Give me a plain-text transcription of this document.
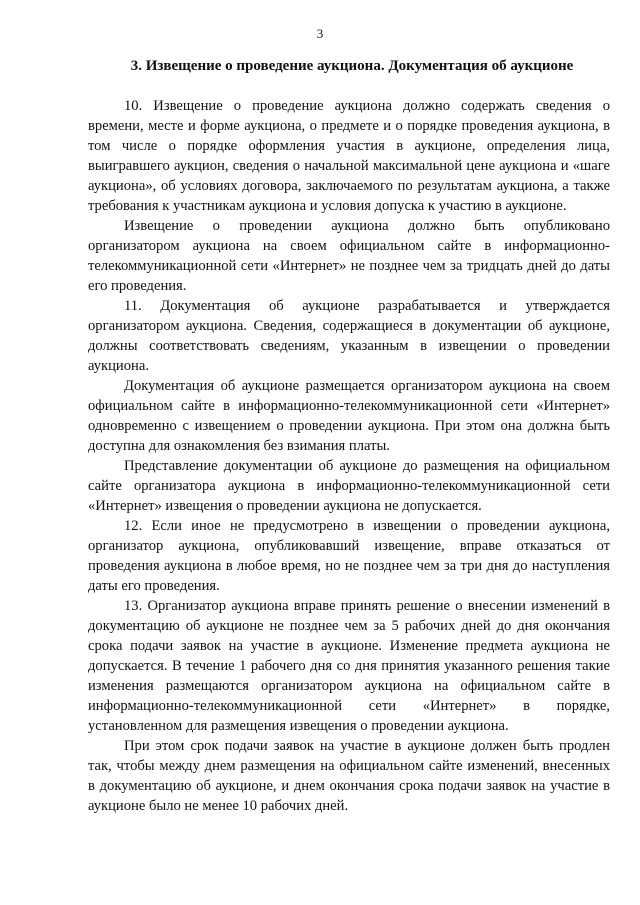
3
3. Извещение о проведение аукциона. Документация об аукционе

10. Извещение о проведение аукциона должно содержать сведения о времени, месте и форме аукциона, о предмете и о порядке проведения аукциона, в том числе о порядке оформления участия в аукционе, определения лица, выигравшего аукцион, сведения о начальной максимальной цене аукциона и «шаге аукциона», об условиях договора, заключаемого по результатам аукциона, а также требования к участникам аукциона и условия допуска к участию в аукционе.

Извещение о проведении аукциона должно быть опубликовано организатором аукциона на своем официальном сайте в информационно-телекоммуникационной сети «Интернет» не позднее чем за тридцать дней до даты его проведения.

11. Документация об аукционе разрабатывается и утверждается организатором аукциона. Сведения, содержащиеся в документации об аукционе, должны соответствовать сведениям, указанным в извещении о проведении аукциона.

Документация об аукционе размещается организатором аукциона на своем официальном сайте в информационно-телекоммуникационной сети «Интернет» одновременно с извещением о проведении аукциона. При этом она должна быть доступна для ознакомления без взимания платы.

Представление документации об аукционе до размещения на официальном сайте организатора аукциона в информационно-телекоммуникационной сети «Интернет» извещения о проведении аукциона не допускается.

12. Если иное не предусмотрено в извещении о проведении аукциона, организатор аукциона, опубликовавший извещение, вправе отказаться от проведения аукциона в любое время, но не позднее чем за три дня до наступления даты его проведения.

13. Организатор аукциона вправе принять решение о внесении изменений в документацию об аукционе не позднее чем за 5 рабочих дней до дня окончания срока подачи заявок на участие в аукционе. Изменение предмета аукциона не допускается. В течение 1 рабочего дня со дня принятия указанного решения такие изменения размещаются организатором аукциона на официальном сайте в информационно-телекоммуникационной сети «Интернет» в порядке, установленном для размещения извещения о проведении аукциона.

При этом срок подачи заявок на участие в аукционе должен быть продлен так, чтобы между днем размещения на официальном сайте изменений, внесенных в документацию об аукционе, и днем окончания срока подачи заявок на участие в аукционе было не менее 10 рабочих дней.
